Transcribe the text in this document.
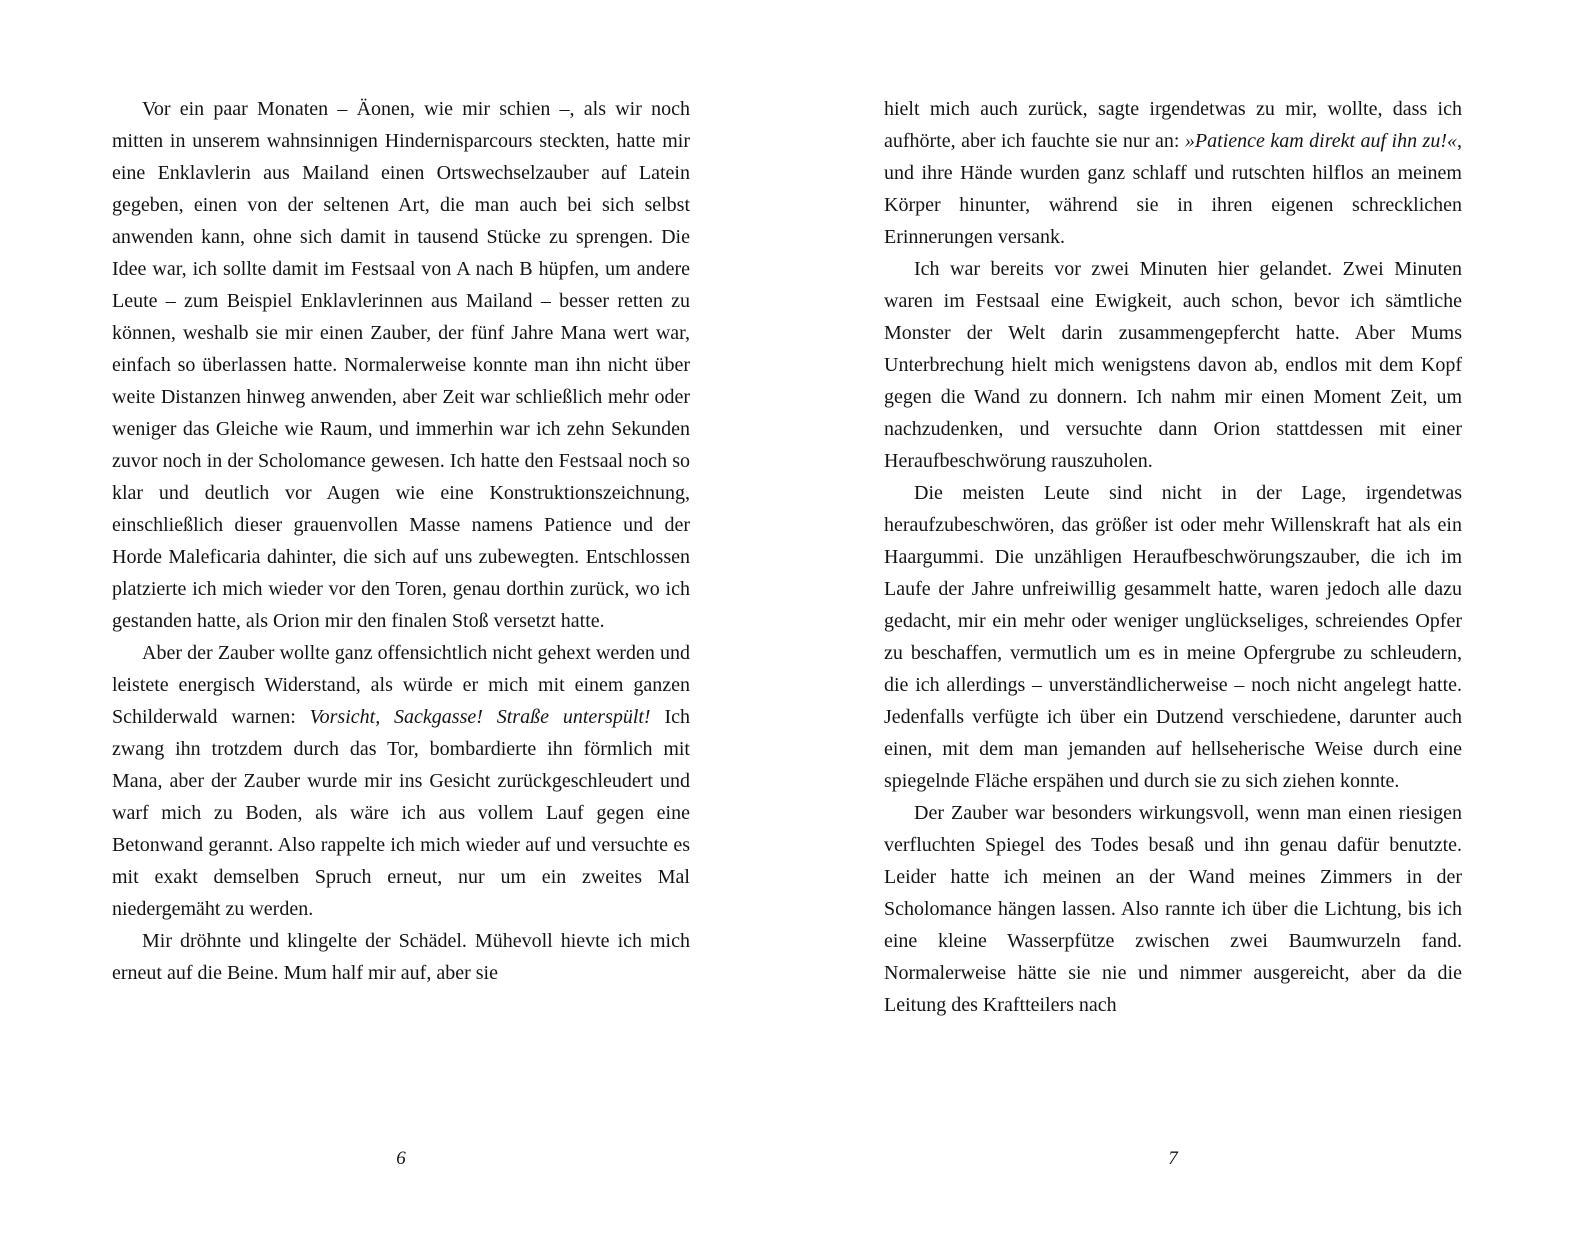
Vor ein paar Monaten – Äonen, wie mir schien –, als wir noch mitten in unserem wahnsinnigen Hindernisparcours steckten, hatte mir eine Enklavlerin aus Mailand einen Ortswechselzauber auf Latein gegeben, einen von der seltenen Art, die man auch bei sich selbst anwenden kann, ohne sich damit in tausend Stücke zu sprengen. Die Idee war, ich sollte damit im Festsaal von A nach B hüpfen, um andere Leute – zum Beispiel Enklavlerinnen aus Mailand – besser retten zu können, weshalb sie mir einen Zauber, der fünf Jahre Mana wert war, einfach so überlassen hatte. Normalerweise konnte man ihn nicht über weite Distanzen hinweg anwenden, aber Zeit war schließlich mehr oder weniger das Gleiche wie Raum, und immerhin war ich zehn Sekunden zuvor noch in der Scholomance gewesen. Ich hatte den Festsaal noch so klar und deutlich vor Augen wie eine Konstruktionszeichnung, einschließlich dieser grauenvollen Masse namens Patience und der Horde Maleficaria dahinter, die sich auf uns zubewegten. Entschlossen platzierte ich mich wieder vor den Toren, genau dorthin zurück, wo ich gestanden hatte, als Orion mir den finalen Stoß versetzt hatte.

Aber der Zauber wollte ganz offensichtlich nicht gehext werden und leistete energisch Widerstand, als würde er mich mit einem ganzen Schilderwald warnen: Vorsicht, Sackgasse! Straße unterspült! Ich zwang ihn trotzdem durch das Tor, bombardierte ihn förmlich mit Mana, aber der Zauber wurde mir ins Gesicht zurückgeschleudert und warf mich zu Boden, als wäre ich aus vollem Lauf gegen eine Betonwand gerannt. Also rappelte ich mich wieder auf und versuchte es mit exakt demselben Spruch erneut, nur um ein zweites Mal niedergemäht zu werden.

Mir dröhnte und klingelte der Schädel. Mühevoll hievte ich mich erneut auf die Beine. Mum half mir auf, aber sie

6

hielt mich auch zurück, sagte irgendetwas zu mir, wollte, dass ich aufhörte, aber ich fauchte sie nur an: »Patience kam direkt auf ihn zu!«, und ihre Hände wurden ganz schlaff und rutschten hilflos an meinem Körper hinunter, während sie in ihren eigenen schrecklichen Erinnerungen versank.

Ich war bereits vor zwei Minuten hier gelandet. Zwei Minuten waren im Festsaal eine Ewigkeit, auch schon, bevor ich sämtliche Monster der Welt darin zusammengepfercht hatte. Aber Mums Unterbrechung hielt mich wenigstens davon ab, endlos mit dem Kopf gegen die Wand zu donnern. Ich nahm mir einen Moment Zeit, um nachzudenken, und versuchte dann Orion stattdessen mit einer Heraufbeschwörung rauszuholen.

Die meisten Leute sind nicht in der Lage, irgendetwas heraufzubeschwören, das größer ist oder mehr Willenskraft hat als ein Haargummi. Die unzähligen Heraufbeschwörungszauber, die ich im Laufe der Jahre unfreiwillig gesammelt hatte, waren jedoch alle dazu gedacht, mir ein mehr oder weniger unglückseliges, schreiendes Opfer zu beschaffen, vermutlich um es in meine Opfergrube zu schleudern, die ich allerdings – unverständlicherweise – noch nicht angelegt hatte. Jedenfalls verfügte ich über ein Dutzend verschiedene, darunter auch einen, mit dem man jemanden auf hellseherische Weise durch eine spiegelnde Fläche erspähen und durch sie zu sich ziehen konnte.

Der Zauber war besonders wirkungsvoll, wenn man einen riesigen verfluchten Spiegel des Todes besaß und ihn genau dafür benutzte. Leider hatte ich meinen an der Wand meines Zimmers in der Scholomance hängen lassen. Also rannte ich über die Lichtung, bis ich eine kleine Wasserpfütze zwischen zwei Baumwurzeln fand. Normalerweise hätte sie nie und nimmer ausgereicht, aber da die Leitung des Kraftteilers nach

7
